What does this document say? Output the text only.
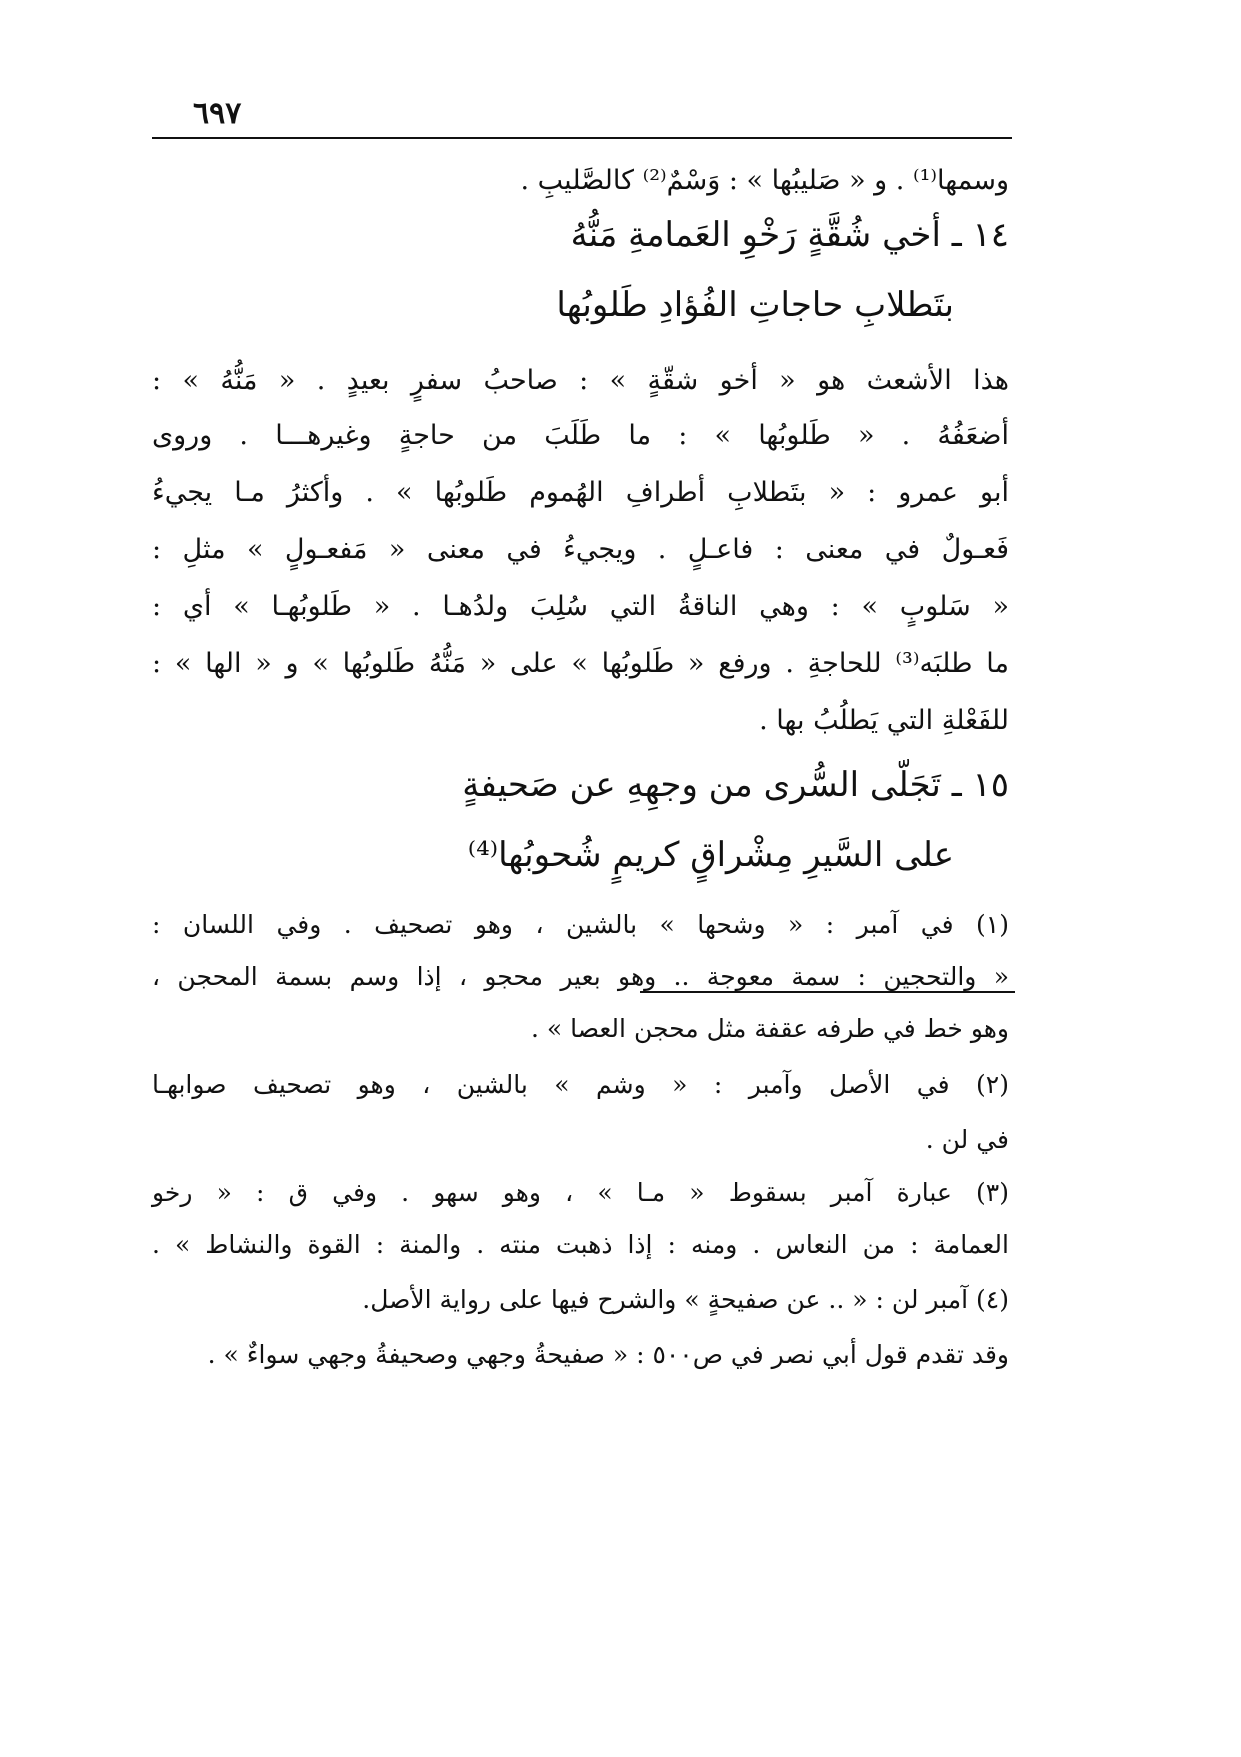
٦٩٧
وسمها⁽¹⁾ . و « صَليبُها » : وَسْمٌ⁽²⁾ كالصَّليبِ .
١٤ ـ أخي شُقَّةٍ رَخْوِ العَمامةِ مَنُّهُ
بتَطلابِ حاجاتِ الفُؤادِ طَلوبُها
هذا الأشعث هو « أخو شقّةٍ » : صاحبُ سفرٍ بعيدٍ . « مَنُّهُ » :
أضعَفُهُ . « طَلوبُها » : ما طَلَبَ من حاجةٍ وغيرهـــا . وروى
أبو عمرو : « بتَطلابِ أطرافِ الهُموم طَلوبُها » . وأكثرُ مـا يجيءُ
فَعـولٌ في معنى : فاعـلٍ . ويجيءُ في معنى « مَفعـولٍ » مثلِ :
« سَلوبٍ » : وهي الناقةُ التي سُلِبَ ولدُهـا . « طَلوبُهـا » أي :
ما طلبَه⁽³⁾ للحاجةِ . ورفع « طَلوبُها » على « مَنُّهُ طَلوبُها » و « الها » :
للفَعْلةِ التي يَطلُبُ بها .
١٥ ـ تَجَلّى السُّرى من وجهِهِ عن صَحيفةٍ
على السَّيرِ مِشْراقٍ كريمٍ شُحوبُها⁽⁴⁾
(١) في آمبر : « وشحها » بالشين ، وهو تصحيف . وفي اللسان :
« والتحجين : سمة معوجة .. وهو بعير محجو ، إذا وسم بسمة المحجن ،
وهو خط في طرفه عقفة مثل محجن العصا » .
(٢) في الأصل وآمبر : « وشم » بالشين ، وهو تصحيف صوابهـا
في لن .
(٣) عبارة آمبر بسقوط « مـا » ، وهو سهو . وفي ق : « رخو
العمامة : من النعاس . ومنه : إذا ذهبت منته . والمنة : القوة والنشاط » .
(٤) آمبر لن : « .. عن صفيحةٍ » والشرح فيها على رواية الأصل.
وقد تقدم قول أبي نصر في ص٥٠٠ : « صفيحةُ وجهي وصحيفةُ وجهي سواءٌ » .
